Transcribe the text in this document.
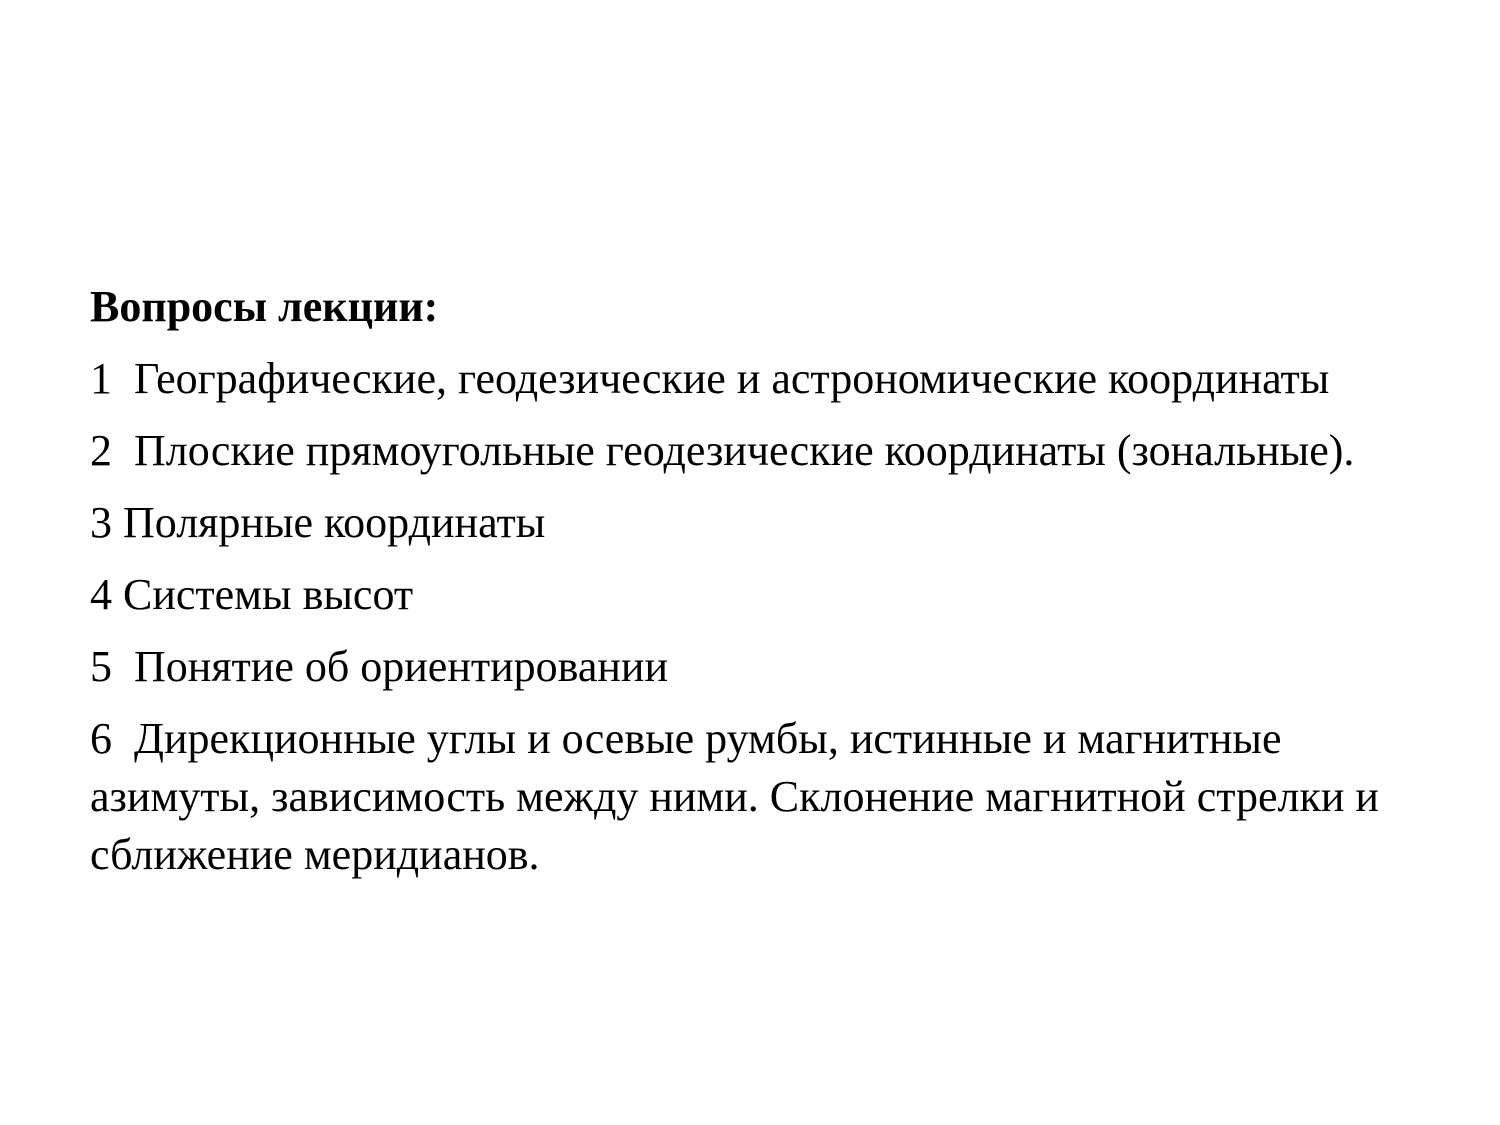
Вопросы лекции:
1 Географические, геодезические и астрономические координаты
2 Плоские прямоугольные геодезические координаты (зональные).
3 Полярные координаты
4 Системы высот
5 Понятие об ориентировании
6 Дирекционные углы и осевые румбы, истинные и магнитные азимуты, зависимость между ними. Склонение магнитной стрелки и сближение меридианов.
